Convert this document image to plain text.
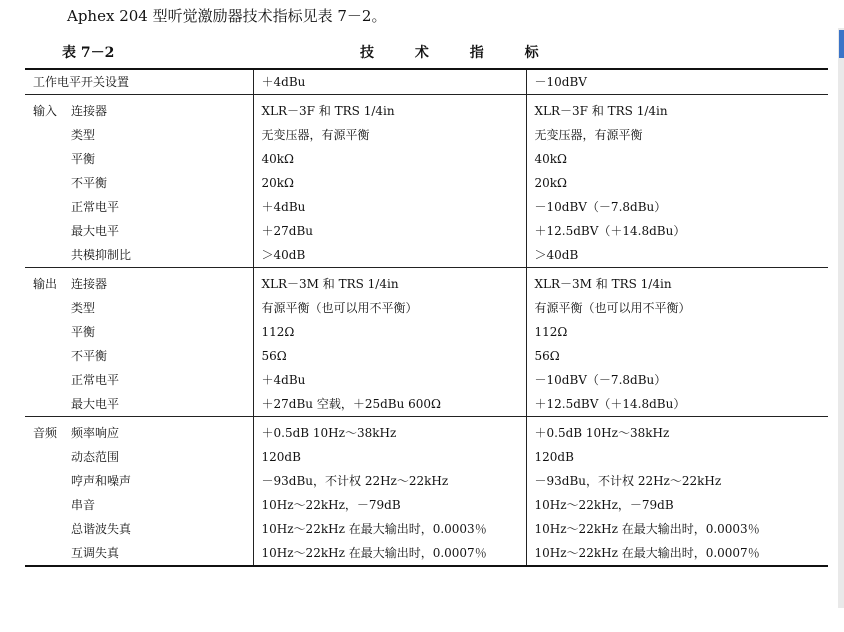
Aphex 204 型听觉激励器技术指标见表 7－2。
表 7－2	技 术 指 标
工作电平开关设置	＋4dBu	－10dBV
输入 连接器	XLR－3F 和 TRS 1/4in	XLR－3F 和 TRS 1/4in
类型	无变压器，有源平衡	无变压器，有源平衡
平衡	40kΩ	40kΩ
不平衡	20kΩ	20kΩ
正常电平	＋4dBu	－10dBV（－7.8dBu）
最大电平	＋27dBu	＋12.5dBV（＋14.8dBu）
共模抑制比	＞40dB	＞40dB
输出 连接器	XLR－3M 和 TRS 1/4in	XLR－3M 和 TRS 1/4in
类型	有源平衡（也可以用不平衡）	有源平衡（也可以用不平衡）
平衡	112Ω	112Ω
不平衡	56Ω	56Ω
正常电平	＋4dBu	－10dBV（－7.8dBu）
最大电平	＋27dBu 空载，＋25dBu 600Ω	＋12.5dBV（＋14.8dBu）
音频 频率响应	＋0.5dB 10Hz～38kHz	＋0.5dB 10Hz～38kHz
动态范围	120dB	120dB
哼声和噪声	－93dBu，不计权 22Hz～22kHz	－93dBu，不计权 22Hz～22kHz
串音	10Hz～22kHz，－79dB	10Hz～22kHz，－79dB
总谐波失真	10Hz～22kHz 在最大输出时，0.0003％	10Hz～22kHz 在最大输出时，0.0003％
互调失真	10Hz～22kHz 在最大输出时，0.0007％	10Hz～22kHz 在最大输出时，0.0007％
